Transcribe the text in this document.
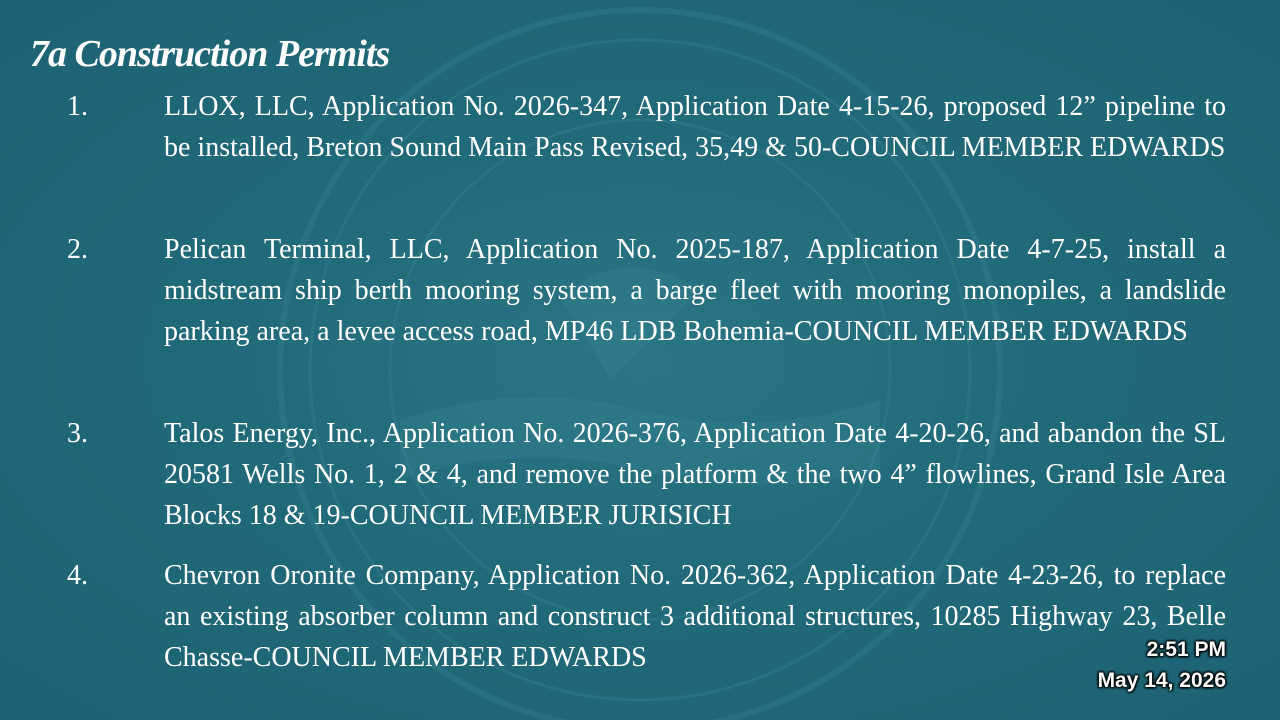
7a Construction Permits
1.	LLOX, LLC, Application No. 2026-347, Application Date 4-15-26, proposed 12” pipeline to be installed, Breton Sound Main Pass Revised, 35,49 & 50-COUNCIL MEMBER EDWARDS
2.	Pelican Terminal, LLC, Application No. 2025-187, Application Date 4-7-25, install a midstream ship berth mooring system, a barge fleet with mooring monopiles, a landslide parking area, a levee access road, MP46 LDB Bohemia-COUNCIL MEMBER EDWARDS
3.	Talos Energy, Inc., Application No. 2026-376, Application Date 4-20-26, and abandon the SL 20581 Wells No. 1, 2 & 4, and remove the platform & the two 4” flowlines, Grand Isle Area Blocks 18 & 19-COUNCIL MEMBER JURISICH
4.	Chevron Oronite Company, Application No. 2026-362, Application Date 4-23-26, to replace an existing absorber column and construct 3 additional structures, 10285 Highway 23, Belle Chasse-COUNCIL MEMBER EDWARDS	2:51 PM
May 14, 2026
